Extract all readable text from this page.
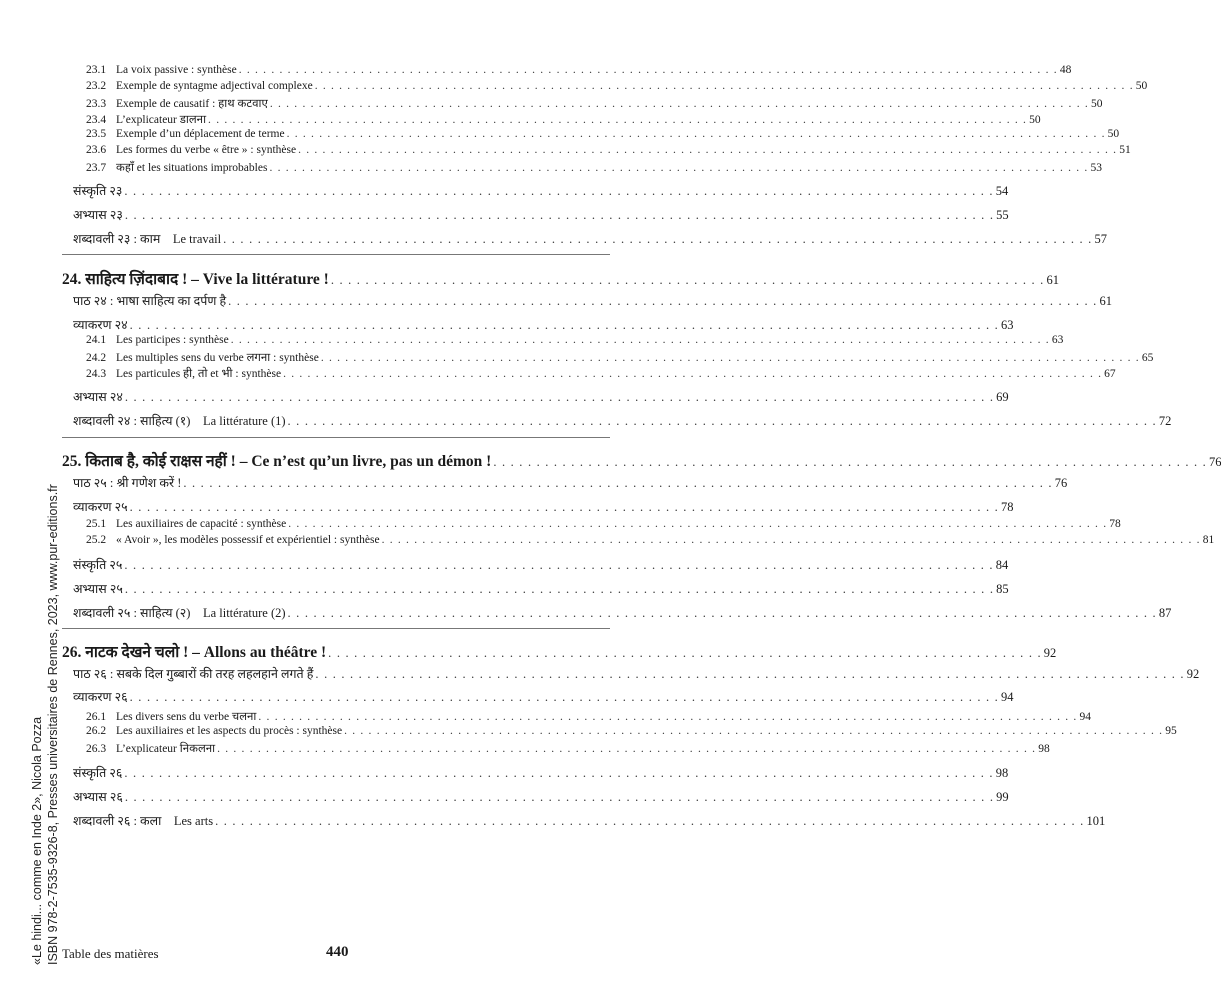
23.1 La voix passive : synthèse . . . . . . . . . . . . . . . . . . . . . . . . . . . . . . . . . . . . . . . . . . . . . . . . . . . . . . . . . . . . . . . . . . . . . . . . . . . . . . . . . . . . . . . . . . . . . . . . . . . . . 48
23.2 Exemple de syntagme adjectival complexe . . . . . . . . . . . . . . . . . . . . . . . . . . . . . . . . . . . . . . . . . . . . . . . . . . . . . . . . . . . . . . . . . . . . . . . . . . . . . . . . . . . . . . . . . . . . . . . . . . . . . 50
23.3 Exemple de causatif : हाथ कटवाए . . . . . . . . . . . . . . . . . . . . . . . . . . . . . . . . . . . . . . . . . . . . . . . . . . . . . . . . . . . . . . . . . . . . . . . . . . . . . . . . . . . . . . . . . . . . . . . . . . . . . 50
23.4 L’explicateur डालना . . . . . . . . . . . . . . . . . . . . . . . . . . . . . . . . . . . . . . . . . . . . . . . . . . . . . . . . . . . . . . . . . . . . . . . . . . . . . . . . . . . . . . . . . . . . . . . . . . . . . 50
23.5 Exemple d’un déplacement de terme . . . . . . . . . . . . . . . . . . . . . . . . . . . . . . . . . . . . . . . . . . . . . . . . . . . . . . . . . . . . . . . . . . . . . . . . . . . . . . . . . . . . . . . . . . . . . . . . . . . . . 50
23.6 Les formes du verbe « être » : synthèse . . . . . . . . . . . . . . . . . . . . . . . . . . . . . . . . . . . . . . . . . . . . . . . . . . . . . . . . . . . . . . . . . . . . . . . . . . . . . . . . . . . . . . . . . . . . . . . . . . . . . 51
23.7 कहाँ et les situations improbables . . . . . . . . . . . . . . . . . . . . . . . . . . . . . . . . . . . . . . . . . . . . . . . . . . . . . . . . . . . . . . . . . . . . . . . . . . . . . . . . . . . . . . . . . . . . . . . . . . . . . 53
संस्कृति २३ . . . . . . . . . . . . . . . . . . . . . . . . . . . . . . . . . . . . . . . . . . . . . . . . . . . . . . . . . . . . . . . . . . . . . . . . . . . . . . . . . . . . . . . . . . . . . . . . . . . . . 54
अभ्यास २३ . . . . . . . . . . . . . . . . . . . . . . . . . . . . . . . . . . . . . . . . . . . . . . . . . . . . . . . . . . . . . . . . . . . . . . . . . . . . . . . . . . . . . . . . . . . . . . . . . . . . . 55
शब्दावली २३ : काम Le travail . . . . . . . . . . . . . . . . . . . . . . . . . . . . . . . . . . . . . . . . . . . . . . . . . . . . . . . . . . . . . . . . . . . . . . . . . . . . . . . . . . . . . . . . . . . . . . . . . . . . . 57
24. साहित्य ज़िंदाबाद ! – Vive la littérature ! . . . . . . . . . . . . . . . . . . . . . . . . . . . . . . . . . . . . . . . . . . . . . . . . . . . . . . . . . . . . . . . . . . . . . . . . . . . . . . . . . . . 61
पाठ २४ : भाषा साहित्य का दर्पण है . . . . . . . . . . . . . . . . . . . . . . . . . . . . . . . . . . . . . . . . . . . . . . . . . . . . . . . . . . . . . . . . . . . . . . . . . . . . . . . . . . . . . . . . . . . . . . . . . . . . . 61
व्याकरण २४ . . . . . . . . . . . . . . . . . . . . . . . . . . . . . . . . . . . . . . . . . . . . . . . . . . . . . . . . . . . . . . . . . . . . . . . . . . . . . . . . . . . . . . . . . . . . . . . . . . . . . 63
24.1 Les participes : synthèse . . . . . . . . . . . . . . . . . . . . . . . . . . . . . . . . . . . . . . . . . . . . . . . . . . . . . . . . . . . . . . . . . . . . . . . . . . . . . . . . . . . . . . . . . . . . . . . . . . . . . 63
24.2 Les multiples sens du verbe लगना : synthèse . . . . . . . . . . . . . . . . . . . . . . . . . . . . . . . . . . . . . . . . . . . . . . . . . . . . . . . . . . . . . . . . . . . . . . . . . . . . . . . . . . . . . . . . . . . . . . . . . . . . . 65
24.3 Les particules ही, तो et भी : synthèse . . . . . . . . . . . . . . . . . . . . . . . . . . . . . . . . . . . . . . . . . . . . . . . . . . . . . . . . . . . . . . . . . . . . . . . . . . . . . . . . . . . . . . . . . . . . . . . . . . . . . 67
अभ्यास २४ . . . . . . . . . . . . . . . . . . . . . . . . . . . . . . . . . . . . . . . . . . . . . . . . . . . . . . . . . . . . . . . . . . . . . . . . . . . . . . . . . . . . . . . . . . . . . . . . . . . . . 69
शब्दावली २४ : साहित्य (१) La littérature (1) . . . . . . . . . . . . . . . . . . . . . . . . . . . . . . . . . . . . . . . . . . . . . . . . . . . . . . . . . . . . . . . . . . . . . . . . . . . . . . . . . . . . . . . . . . . . . . . . . . . . . 72
25. किताब है, कोई राक्षस नहीं ! – Ce n’est qu’un livre, pas un démon ! . . . . . . . . . . . . . . . . . . . . . . . . . . . . . . . . . . . . . . . . . . . . . . . . . . . . . . . . . . . . . . . . . . . . . . . . . . . . . . . . . . . 76
पाठ २५ : श्री गणेश करें ! . . . . . . . . . . . . . . . . . . . . . . . . . . . . . . . . . . . . . . . . . . . . . . . . . . . . . . . . . . . . . . . . . . . . . . . . . . . . . . . . . . . . . . . . . . . . . . . . . . . . . 76
व्याकरण २५ . . . . . . . . . . . . . . . . . . . . . . . . . . . . . . . . . . . . . . . . . . . . . . . . . . . . . . . . . . . . . . . . . . . . . . . . . . . . . . . . . . . . . . . . . . . . . . . . . . . . . 78
25.1 Les auxiliaires de capacité : synthèse . . . . . . . . . . . . . . . . . . . . . . . . . . . . . . . . . . . . . . . . . . . . . . . . . . . . . . . . . . . . . . . . . . . . . . . . . . . . . . . . . . . . . . . . . . . . . . . . . . . . . 78
25.2 « Avoir », les modèles possessif et expérientiel : synthèse . . . . . . . . . . . . . . . . . . . . . . . . . . . . . . . . . . . . . . . . . . . . . . . . . . . . . . . . . . . . . . . . . . . . . . . . . . . . . . . . . . . . . . . . . . . . . . . . . . . . . 81
संस्कृति २५ . . . . . . . . . . . . . . . . . . . . . . . . . . . . . . . . . . . . . . . . . . . . . . . . . . . . . . . . . . . . . . . . . . . . . . . . . . . . . . . . . . . . . . . . . . . . . . . . . . . . . 84
अभ्यास २५ . . . . . . . . . . . . . . . . . . . . . . . . . . . . . . . . . . . . . . . . . . . . . . . . . . . . . . . . . . . . . . . . . . . . . . . . . . . . . . . . . . . . . . . . . . . . . . . . . . . . . 85
शब्दावली २५ : साहित्य (२) La littérature (2) . . . . . . . . . . . . . . . . . . . . . . . . . . . . . . . . . . . . . . . . . . . . . . . . . . . . . . . . . . . . . . . . . . . . . . . . . . . . . . . . . . . . . . . . . . . . . . . . . . . . . 87
26. नाटक देखने चलो ! – Allons au théâtre ! . . . . . . . . . . . . . . . . . . . . . . . . . . . . . . . . . . . . . . . . . . . . . . . . . . . . . . . . . . . . . . . . . . . . . . . . . . . . . . . . . . . 92
पाठ २६ : सबके दिल गुब्बारों की तरह लहलहाने लगते हैं . . . . . . . . . . . . . . . . . . . . . . . . . . . . . . . . . . . . . . . . . . . . . . . . . . . . . . . . . . . . . . . . . . . . . . . . . . . . . . . . . . . . . . . . . . . . . . . . . . . . . 92
व्याकरण २६ . . . . . . . . . . . . . . . . . . . . . . . . . . . . . . . . . . . . . . . . . . . . . . . . . . . . . . . . . . . . . . . . . . . . . . . . . . . . . . . . . . . . . . . . . . . . . . . . . . . . . 94
26.1 Les divers sens du verbe चलना . . . . . . . . . . . . . . . . . . . . . . . . . . . . . . . . . . . . . . . . . . . . . . . . . . . . . . . . . . . . . . . . . . . . . . . . . . . . . . . . . . . . . . . . . . . . . . . . . . . . . 94
26.2 Les auxiliaires et les aspects du procès : synthèse . . . . . . . . . . . . . . . . . . . . . . . . . . . . . . . . . . . . . . . . . . . . . . . . . . . . . . . . . . . . . . . . . . . . . . . . . . . . . . . . . . . . . . . . . . . . . . . . . . . . . 95
26.3 L’explicateur निकलना . . . . . . . . . . . . . . . . . . . . . . . . . . . . . . . . . . . . . . . . . . . . . . . . . . . . . . . . . . . . . . . . . . . . . . . . . . . . . . . . . . . . . . . . . . . . . . . . . . . . . 98
संस्कृति २६ . . . . . . . . . . . . . . . . . . . . . . . . . . . . . . . . . . . . . . . . . . . . . . . . . . . . . . . . . . . . . . . . . . . . . . . . . . . . . . . . . . . . . . . . . . . . . . . . . . . . . 98
अभ्यास २६ . . . . . . . . . . . . . . . . . . . . . . . . . . . . . . . . . . . . . . . . . . . . . . . . . . . . . . . . . . . . . . . . . . . . . . . . . . . . . . . . . . . . . . . . . . . . . . . . . . . . . 99
शब्दावली २६ : कला Les arts . . . . . . . . . . . . . . . . . . . . . . . . . . . . . . . . . . . . . . . . . . . . . . . . . . . . . . . . . . . . . . . . . . . . . . . . . . . . . . . . . . . . . . . . . . . . . . . . . . . . . 101
«Le hindi... comme en Inde 2», Nicola Pozza ISBN 978-2-7535-9326-8, Presses universitaires de Rennes, 2023, www.pur-editions.fr Table des matières	440
